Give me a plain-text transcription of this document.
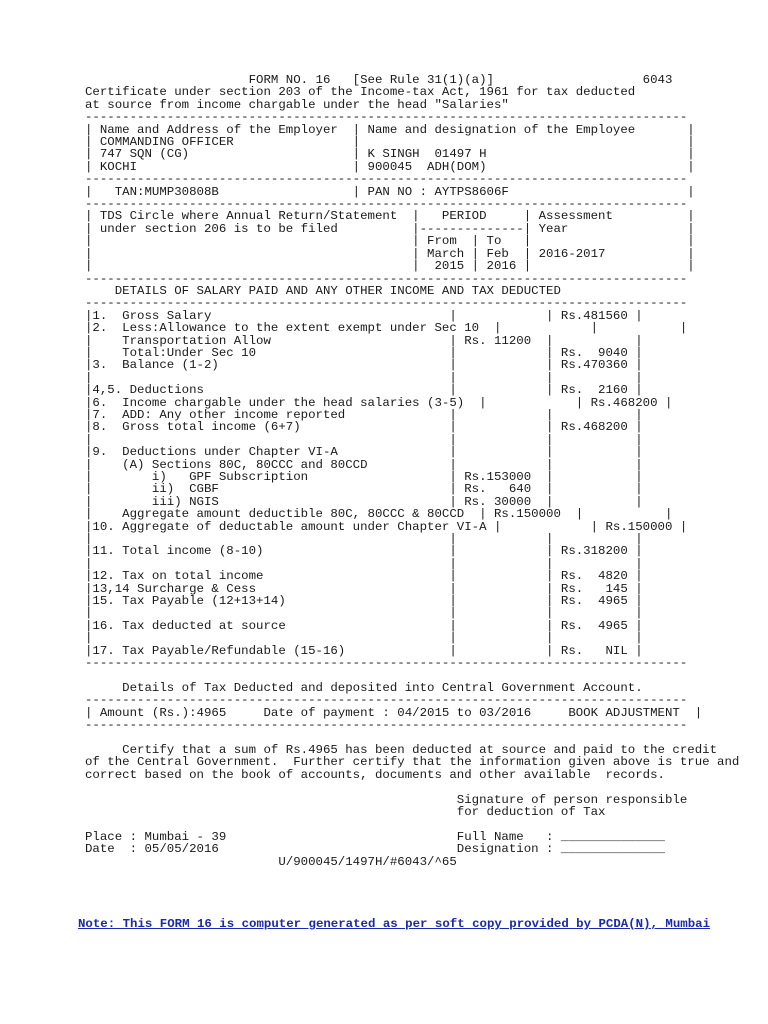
FORM NO. 16   [See Rule 31(1)(a)]                    6043
Certificate under section 203 of the Income-tax Act, 1961 for tax deducted
at source from income chargable under the head "Salaries"
---------------------------------------------------------------------------------
| Name and Address of the Employer  | Name and designation of the Employee       |
| COMMANDING OFFICER                |                                            |
| 747 SQN (CG)                      | K SINGH  01497 H                           |
| KOCHI                             | 900045  ADH(DOM)                           |
---------------------------------------------------------------------------------
|   TAN:MUMP30808B                  | PAN NO : AYTPS8606F                        |
---------------------------------------------------------------------------------
| TDS Circle where Annual Return/Statement  |   PERIOD     | Assessment          |
| under section 206 is to be filed          |--------------| Year                |
|                                           | From  | To   |                     |
|                                           | March | Feb  | 2016-2017           |
|                                           |  2015 | 2016 |                     |
---------------------------------------------------------------------------------
DETAILS OF SALARY PAID AND ANY OTHER INCOME AND TAX DEDUCTED
---------------------------------------------------------------------------------
|1.  Gross Salary                                |            | Rs.481560 |
|2.  Less:Allowance to the extent exempt under Sec 10  |            |           |
|    Transportation Allow                        | Rs. 11200  |           |
|    Total:Under Sec 10                          |            | Rs.  9040 |
|3.  Balance (1-2)                               |            | Rs.470360 |
|                                                |            |           |
|4,5. Deductions                                 |            | Rs.  2160 |
|6.  Income chargable under the head salaries (3-5)  |            | Rs.468200 |
|7.  ADD: Any other income reported              |            |           |
|8.  Gross total income (6+7)                    |            | Rs.468200 |
|                                                |            |           |
|9.  Deductions under Chapter VI-A               |            |           |
|    (A) Sections 80C, 80CCC and 80CCD           |            |           |
|        i)   GPF Subscription                   | Rs.153000  |           |
|        ii)  CGBF                               | Rs.   640  |           |
|        iii) NGIS                               | Rs. 30000  |           |
|    Aggregate amount deductible 80C, 80CCC & 80CCD  | Rs.150000  |           |
|10. Aggregate of deductable amount under Chapter VI-A |            | Rs.150000 |
|                                                |            |           |
|11. Total income (8-10)                         |            | Rs.318200 |
|                                                |            |           |
|12. Tax on total income                         |            | Rs.  4820 |
|13,14 Surcharge & Cess                          |            | Rs.   145 |
|15. Tax Payable (12+13+14)                      |            | Rs.  4965 |
|                                                |            |           |
|16. Tax deducted at source                      |            | Rs.  4965 |
|                                                |            |           |
|17. Tax Payable/Refundable (15-16)              |            | Rs.   NIL |
---------------------------------------------------------------------------------
Details of Tax Deducted and deposited into Central Government Account.
---------------------------------------------------------------------------------
| Amount (Rs.):4965     Date of payment : 04/2015 to 03/2016     BOOK ADJUSTMENT  |
---------------------------------------------------------------------------------

Certify that a sum of Rs.4965 has been deducted at source and paid to the credit
of the Central Government.  Further certify that the information given above is true and
correct based on the book of accounts, documents and other available  records.

Signature of person responsible
for deduction of Tax

Place : Mumbai - 39                               Full Name   : ______________
Date  : 05/05/2016                                Designation : ______________
U/900045/1497H/#6043/^65
Note: This FORM 16 is computer generated as per soft copy provided by PCDA(N), Mumbai
